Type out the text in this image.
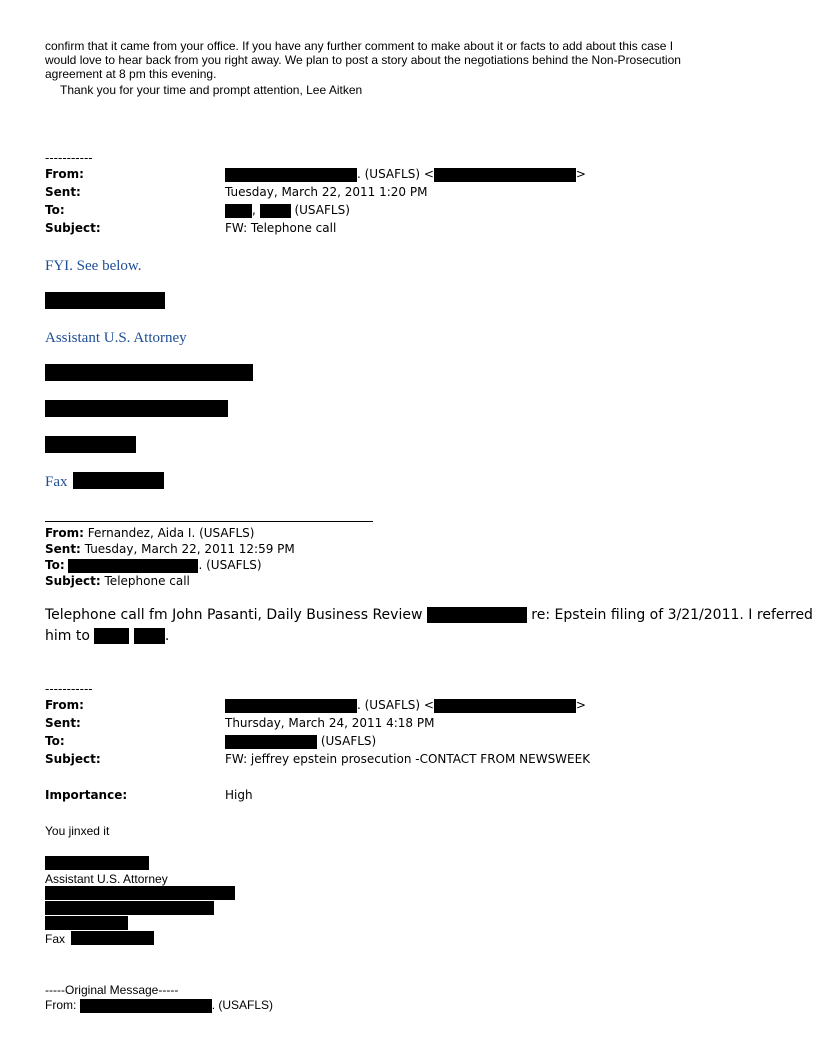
confirm that it came from your office. If you have any further comment to make about it or facts to add about this case I
would love to hear back from you right away. We plan to post a story about the negotiations behind the Non-Prosecution
agreement at 8 pm this evening.
Thank you for your time and prompt attention, Lee Aitken
-----------
From:	. (USAFLS) <	>
Sent:	Tuesday, March 22, 2011 1:20 PM
To:	,	(USAFLS)
Subject:	FW: Telephone call
FYI. See below.
Assistant U.S. Attorney
Fax
From: Fernandez, Aida I. (USAFLS)
Sent: Tuesday, March 22, 2011 12:59 PM
To:	. (USAFLS)
Subject: Telephone call
Telephone call fm John Pasanti, Daily Business Review	re: Epstein filing of 3/21/2011. I referred
him to	.
-----------
From:	. (USAFLS) <	>
Sent:	Thursday, March 24, 2011 4:18 PM
To:	(USAFLS)
Subject:	FW: jeffrey epstein prosecution -CONTACT FROM NEWSWEEK
Importance:	High
You jinxed it
Assistant U.S. Attorney
Fax
-----Original Message-----
From:	. (USAFLS)
